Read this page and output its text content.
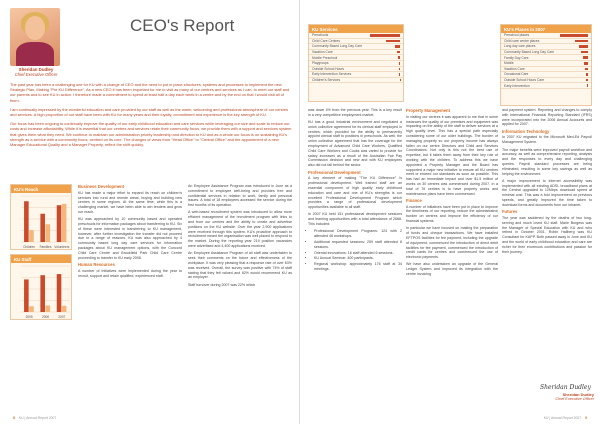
Sheridan Dudley
Chief Executive Officer
CEO's Report

The past year has been a challenging one for KU with a change of CEO and the need to put in place structures, systems and processes to implement the new Strategic Plan, Making "Pre KU Difference". As a new CEO it has been important for me to visit as many of our centres and services as I can, to meet our staff and our parents and to see KU in action. I therefore made a commitment to spend at least half a day each week in a centre and by the end on that I would visit all of them.

I am continually impressed by the wonderful education and care provided by our staff as well as the warm, welcoming and professional atmosphere of our centres and services. A high proportion of our staff have been with KU for many years and their loyalty, commitment and experience is the key strength of KU.

Our focus has been ongoing to continually improve the quality of our early childhood education and care services while leveraging our size and scale to reduce our costs and increase affordability. While it is essential that our centres and services retain their community focus, we provide them with a support and services system that gives them what they need. We continue to maintain our administration priority leadership and direction to KU and as a whole our focus is on sustaining KU's strength as a service with a community focus, centred on its core. The changes of views from "Head Office" to "Central Office" and the appointment of a new Manager Educational Quality and a Manager Property, reflect the shift quickly.

KU's Reach
Children Families Volunteers
KU Staff
2005	2006	2007
Business Development

KU has made a major effort to expand its reach on children's services into rural and remote areas, buying and building new centres in some regions. At the same time, while this is a challenging market, we have been able to win tenders and grow our reach.

KU was approached by 10 community based and operated preschools for information packages about transferring to KU. Six of these were interested in transferring to KU management, however, after further investigation the transfer did not proceed due to a range of reasons. KU was also approached by 4 community based long day care services for information packages about KU management options, with the Concord Child Care Centre and Brookfield Park Child Care Centre proceeding to transfer to KU early 2008.

Human Resources

A number of initiatives were implemented during the year to recruit, support and retain qualified, experienced staff.

An Employee Assistance Program was introduced in June as a commitment to employee well-being and provides free and confidential services in relation to work, family and personal issues. A total of 18 employees accessed the service during the first months of its operation.

A web-based recruitment system was introduced to allow more efficient management of the recruitment program with links to and from our centres and the ability to create and advertise positions on the KU website. Over the year 2,900 applications were received through this system. KU's proactive approach to recruitment meant the organisation was well placed to respond to the market. During the reporting year 219 position vacancies were advertised and 4,400 applications received.

An Employee Assistance Program of all staff was undertaken to seek their comments on the future and effectiveness of the workplace. It was very pleasing that a response rate of over 63% was received. Overall, the survey was positive with 74% of staff stating that they felt valued and 82% would recommend KU as an employer.

Staff turnover during 2007 was 22% which

8 KU | Annual Report 2007
KU Services
Preschools
Child Care Centres
Community Based Long Day Care
Vacation Care
Mobile Preschool
Playgroups
Outside School Hours
Early Intervention Services
Children's Services
KU's Places in 2007
Preschool places
Child care centre places
Long day care places
Community Based Long Day Care
Family Day Care
Mobile
Vacation Care
Occasional Care
Outside School Hours Care
Early Intervention

was down 4% from the previous year. This is a key result in a very competitive employment market.

KU has a good industrial environment and negotiated a union collective agreement for its clerical staff employed in centres, which provided for the ability to permanently appoint clerical staff to positions in preschools. As well, the union collective agreement that has the coverage for the employment of Advanced Child Care Workers, Qualified Child Care Workers and Cooks was varied to provide for salary increases as a result of the Australian Fair Pay Commission decision and new and with KU employees also did not fall behind the sector.

Professional Development

A key element of making "The KU Difference" is professional development. Well trained staff are an essential component of high quality early childhood education and care and one of KU's strengths is our excellent Professional Development Program which provides a range of professional development opportunities available to all staff.

In 2007 KU held 151 professional development sessions and learning opportunities with a total attendance of 2668. This included:

• Professional Development Programs: 124 with 2 attended 48 workshops.
• Additional requested sessions: 259 staff attended 8 sessions.
• Oriental innovations: 16 staff attended 6 sessions.
• KU Annual Seminar: 400 participants.
• Regional workshop: approximately 176 staff at 34 meetings.
Property Management

In visiting our centres it was apparent to me that in some instances the quality of our premises and equipment was impacting on the ability of the staff to deliver services at a high quality level. This has a special path especially considering some of our older buildings. The burden of managing property so our property income has always fallen on our centre Directors and Child and Services Coordinators. Not only is this not the best use of expertise, but it takes them away from their key role of working with the children. To address this we have appointed a Property Manager and the Board has supported a major new initiative to ensure all KU centres meet or exceed our standards as soon as possible. This has had an immediate impact and over $1.5 million of works on 30 centres was commenced during 2007. In a total of 76 centres is to have property works and maintenance plans have been commenced.

Finance

A number of initiatives have been put in place to improve the timeliness of our reporting, reduce the administrative burden on centres and improve the efficiency of our financial systems.

In particular we have focused on making the preparation of funds and cheque transactions. We have installed EFTPOS facilities for fee payment, including the upgrade of equipment, commenced the introduction of direct debit facilities for fee payment, commenced the introduction of credit cards for centres and commenced the use of electronic payments.

We have also undertaken an upgrade of the General Ledger System and improved its integration with the centre invoicing

and payment system. Reporting and changes to comply with International Financial Reporting Standard (IFRS) were incorporated into the 2006 Annual Accounts and applied for 2007.

Information Technology

In 2007 KU migrated to the Microsoft Med-Ed Payroll Management System.

The major benefits were improved payroll workflow and accuracy, as well as comprehensive reporting, analysis and the responses to every day and challenging queries. Payroll standard processes are being eliminated, resulting in some key savings as well as helping the environment.

A major improvement to internet accessibility was implemented with all existing ADSL broadband plans at the Central upgraded to 12Mbps download speed at minimal cost. This was a fold improvement on previous speeds, and greatly improved the time taken to download forms and documents from our intranet.

Futures

The year was saddened by the deaths of two long-serving and much loved KU staff. Marie Burgess was the Manager of Special Education with KU and who retired in October 2001. Robin Hallberg was KU Consultant for KAPP. Both passed away in June and KU and the world of early childhood education and care are richer for their enormous contributions and passion for their journey.

Sheridan Dudley
Sheridan Dudley
Chief Executive Officer
KU | Annual Report 2007 9
